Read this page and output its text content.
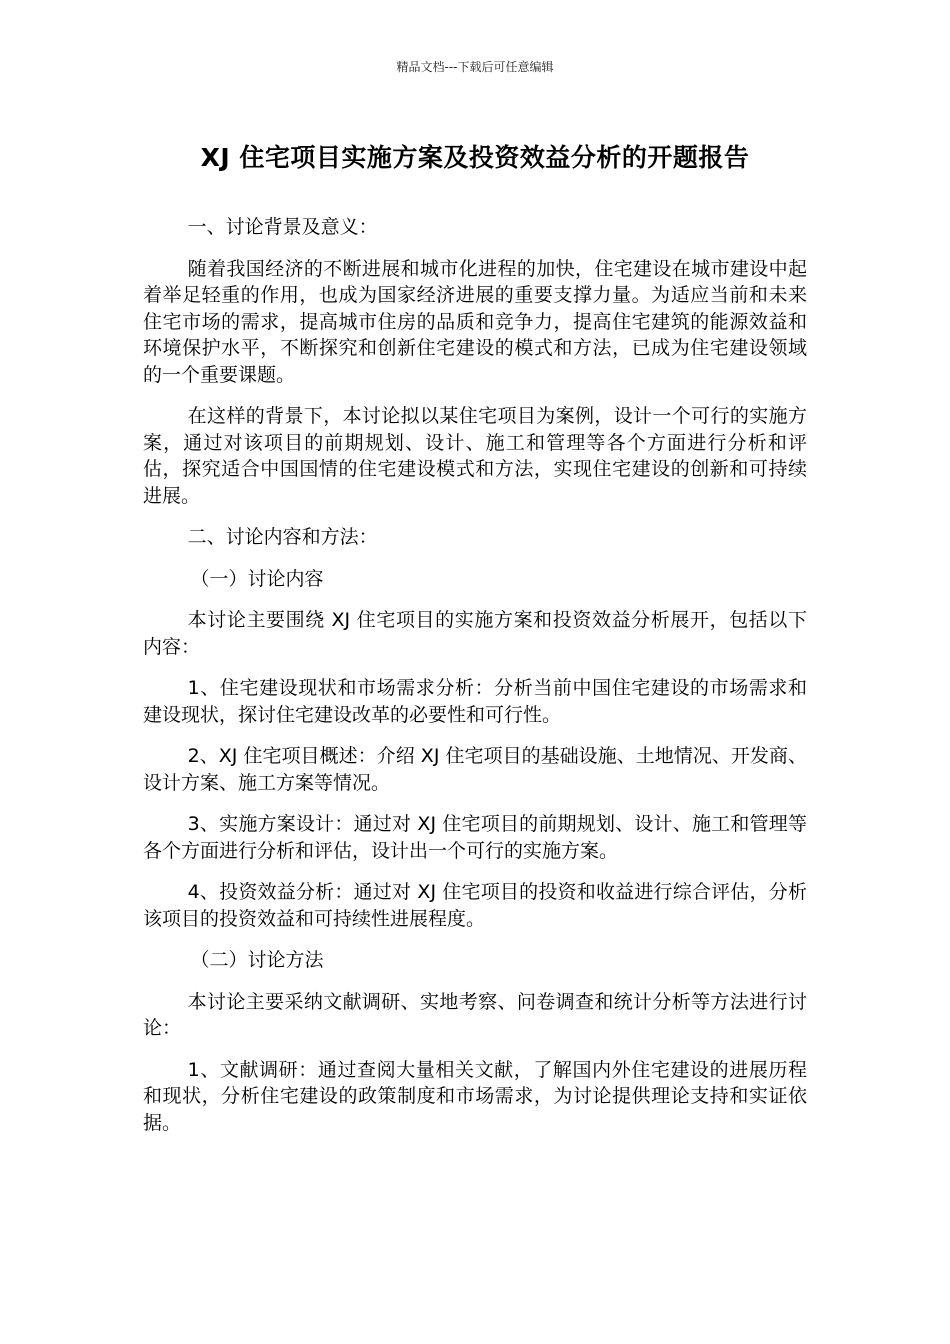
精品文档---下载后可任意编辑
XJ 住宅项目实施方案及投资效益分析的开题报告

一、讨论背景及意义：

随着我国经济的不断进展和城市化进程的加快，住宅建设在城市建设中起着举足轻重的作用，也成为国家经济进展的重要支撑力量。为适应当前和未来住宅市场的需求，提高城市住房的品质和竞争力，提高住宅建筑的能源效益和环境保护水平，不断探究和创新住宅建设的模式和方法，已成为住宅建设领域的一个重要课题。

在这样的背景下，本讨论拟以某住宅项目为案例，设计一个可行的实施方案，通过对该项目的前期规划、设计、施工和管理等各个方面进行分析和评估，探究适合中国国情的住宅建设模式和方法，实现住宅建设的创新和可持续进展。

二、讨论内容和方法：

（一）讨论内容

本讨论主要围绕 XJ 住宅项目的实施方案和投资效益分析展开，包括以下内容：

1、住宅建设现状和市场需求分析：分析当前中国住宅建设的市场需求和建设现状，探讨住宅建设改革的必要性和可行性。

2、XJ 住宅项目概述：介绍 XJ 住宅项目的基础设施、土地情况、开发商、设计方案、施工方案等情况。

3、实施方案设计：通过对 XJ 住宅项目的前期规划、设计、施工和管理等各个方面进行分析和评估，设计出一个可行的实施方案。

4、投资效益分析：通过对 XJ 住宅项目的投资和收益进行综合评估，分析该项目的投资效益和可持续性进展程度。

（二）讨论方法

本讨论主要采纳文献调研、实地考察、问卷调查和统计分析等方法进行讨论：

1、文献调研：通过查阅大量相关文献，了解国内外住宅建设的进展历程和现状，分析住宅建设的政策制度和市场需求，为讨论提供理论支持和实证依据。
